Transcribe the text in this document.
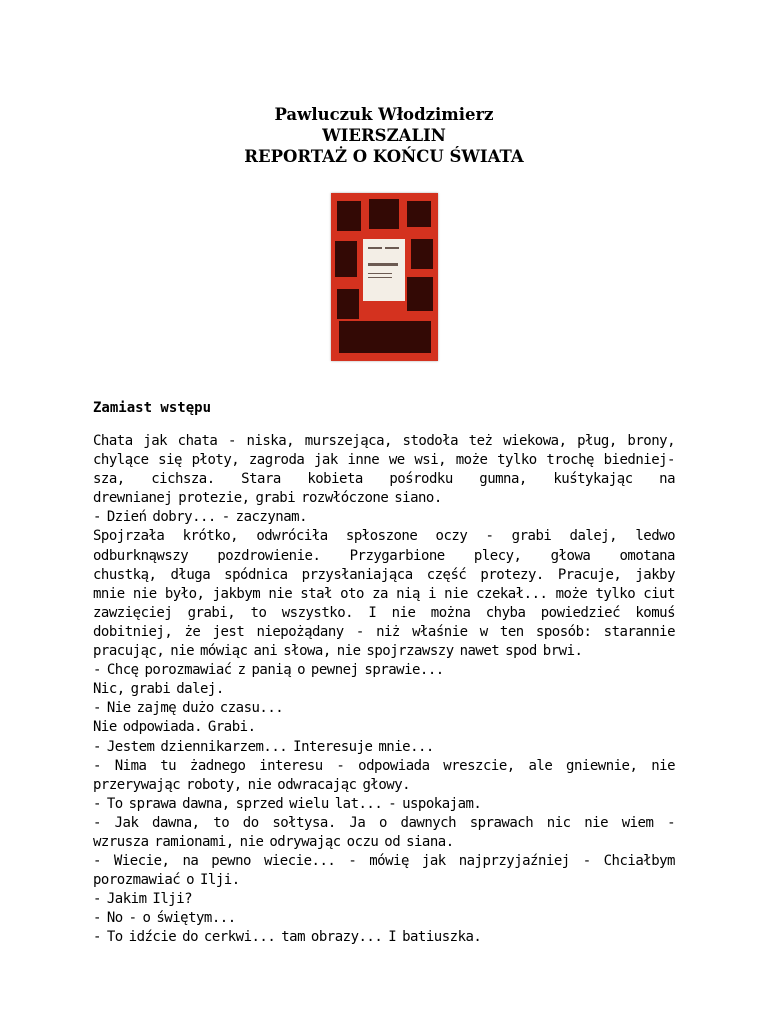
Pawluczuk Włodzimierz
WIERSZALIN
REPORTAŻ O KOŃCU ŚWIATA
Zamiast wstępu
Chata jak chata - niska, murszejąca, stodoła też wiekowa, pług, brony,
chylące się płoty, zagroda jak inne we wsi, może tylko trochę biedniej-
sza, cichsza. Stara kobieta pośrodku gumna, kuśtykając na
drewnianej protezie, grabi rozwłóczone siano.
- Dzień dobry... - zaczynam.
Spojrzała krótko, odwróciła spłoszone oczy - grabi dalej, ledwo
odburknąwszy pozdrowienie. Przygarbione plecy, głowa omotana
chustką, długa spódnica przysłaniająca część protezy. Pracuje, jakby
mnie nie było, jakbym nie stał oto za nią i nie czekał... może tylko ciut
zawzięciej grabi, to wszystko. I nie można chyba powiedzieć komuś
dobitniej, że jest niepożądany - niż właśnie w ten sposób: starannie
pracując, nie mówiąc ani słowa, nie spojrzawszy nawet spod brwi.
- Chcę porozmawiać z panią o pewnej sprawie...
Nic, grabi dalej.
- Nie zajmę dużo czasu...
Nie odpowiada. Grabi.
- Jestem dziennikarzem... Interesuje mnie...
- Nima tu żadnego interesu - odpowiada wreszcie, ale gniewnie, nie
przerywając roboty, nie odwracając głowy.
- To sprawa dawna, sprzed wielu lat... - uspokajam.
- Jak dawna, to do sołtysa. Ja o dawnych sprawach nic nie wiem -
wzrusza ramionami, nie odrywając oczu od siana.
- Wiecie, na pewno wiecie... - mówię jak najprzyjaźniej - Chciałbym
porozmawiać o Ilji.
- Jakim Ilji?
- No - o świętym...
- To idźcie do cerkwi... tam obrazy... I batiuszka.
